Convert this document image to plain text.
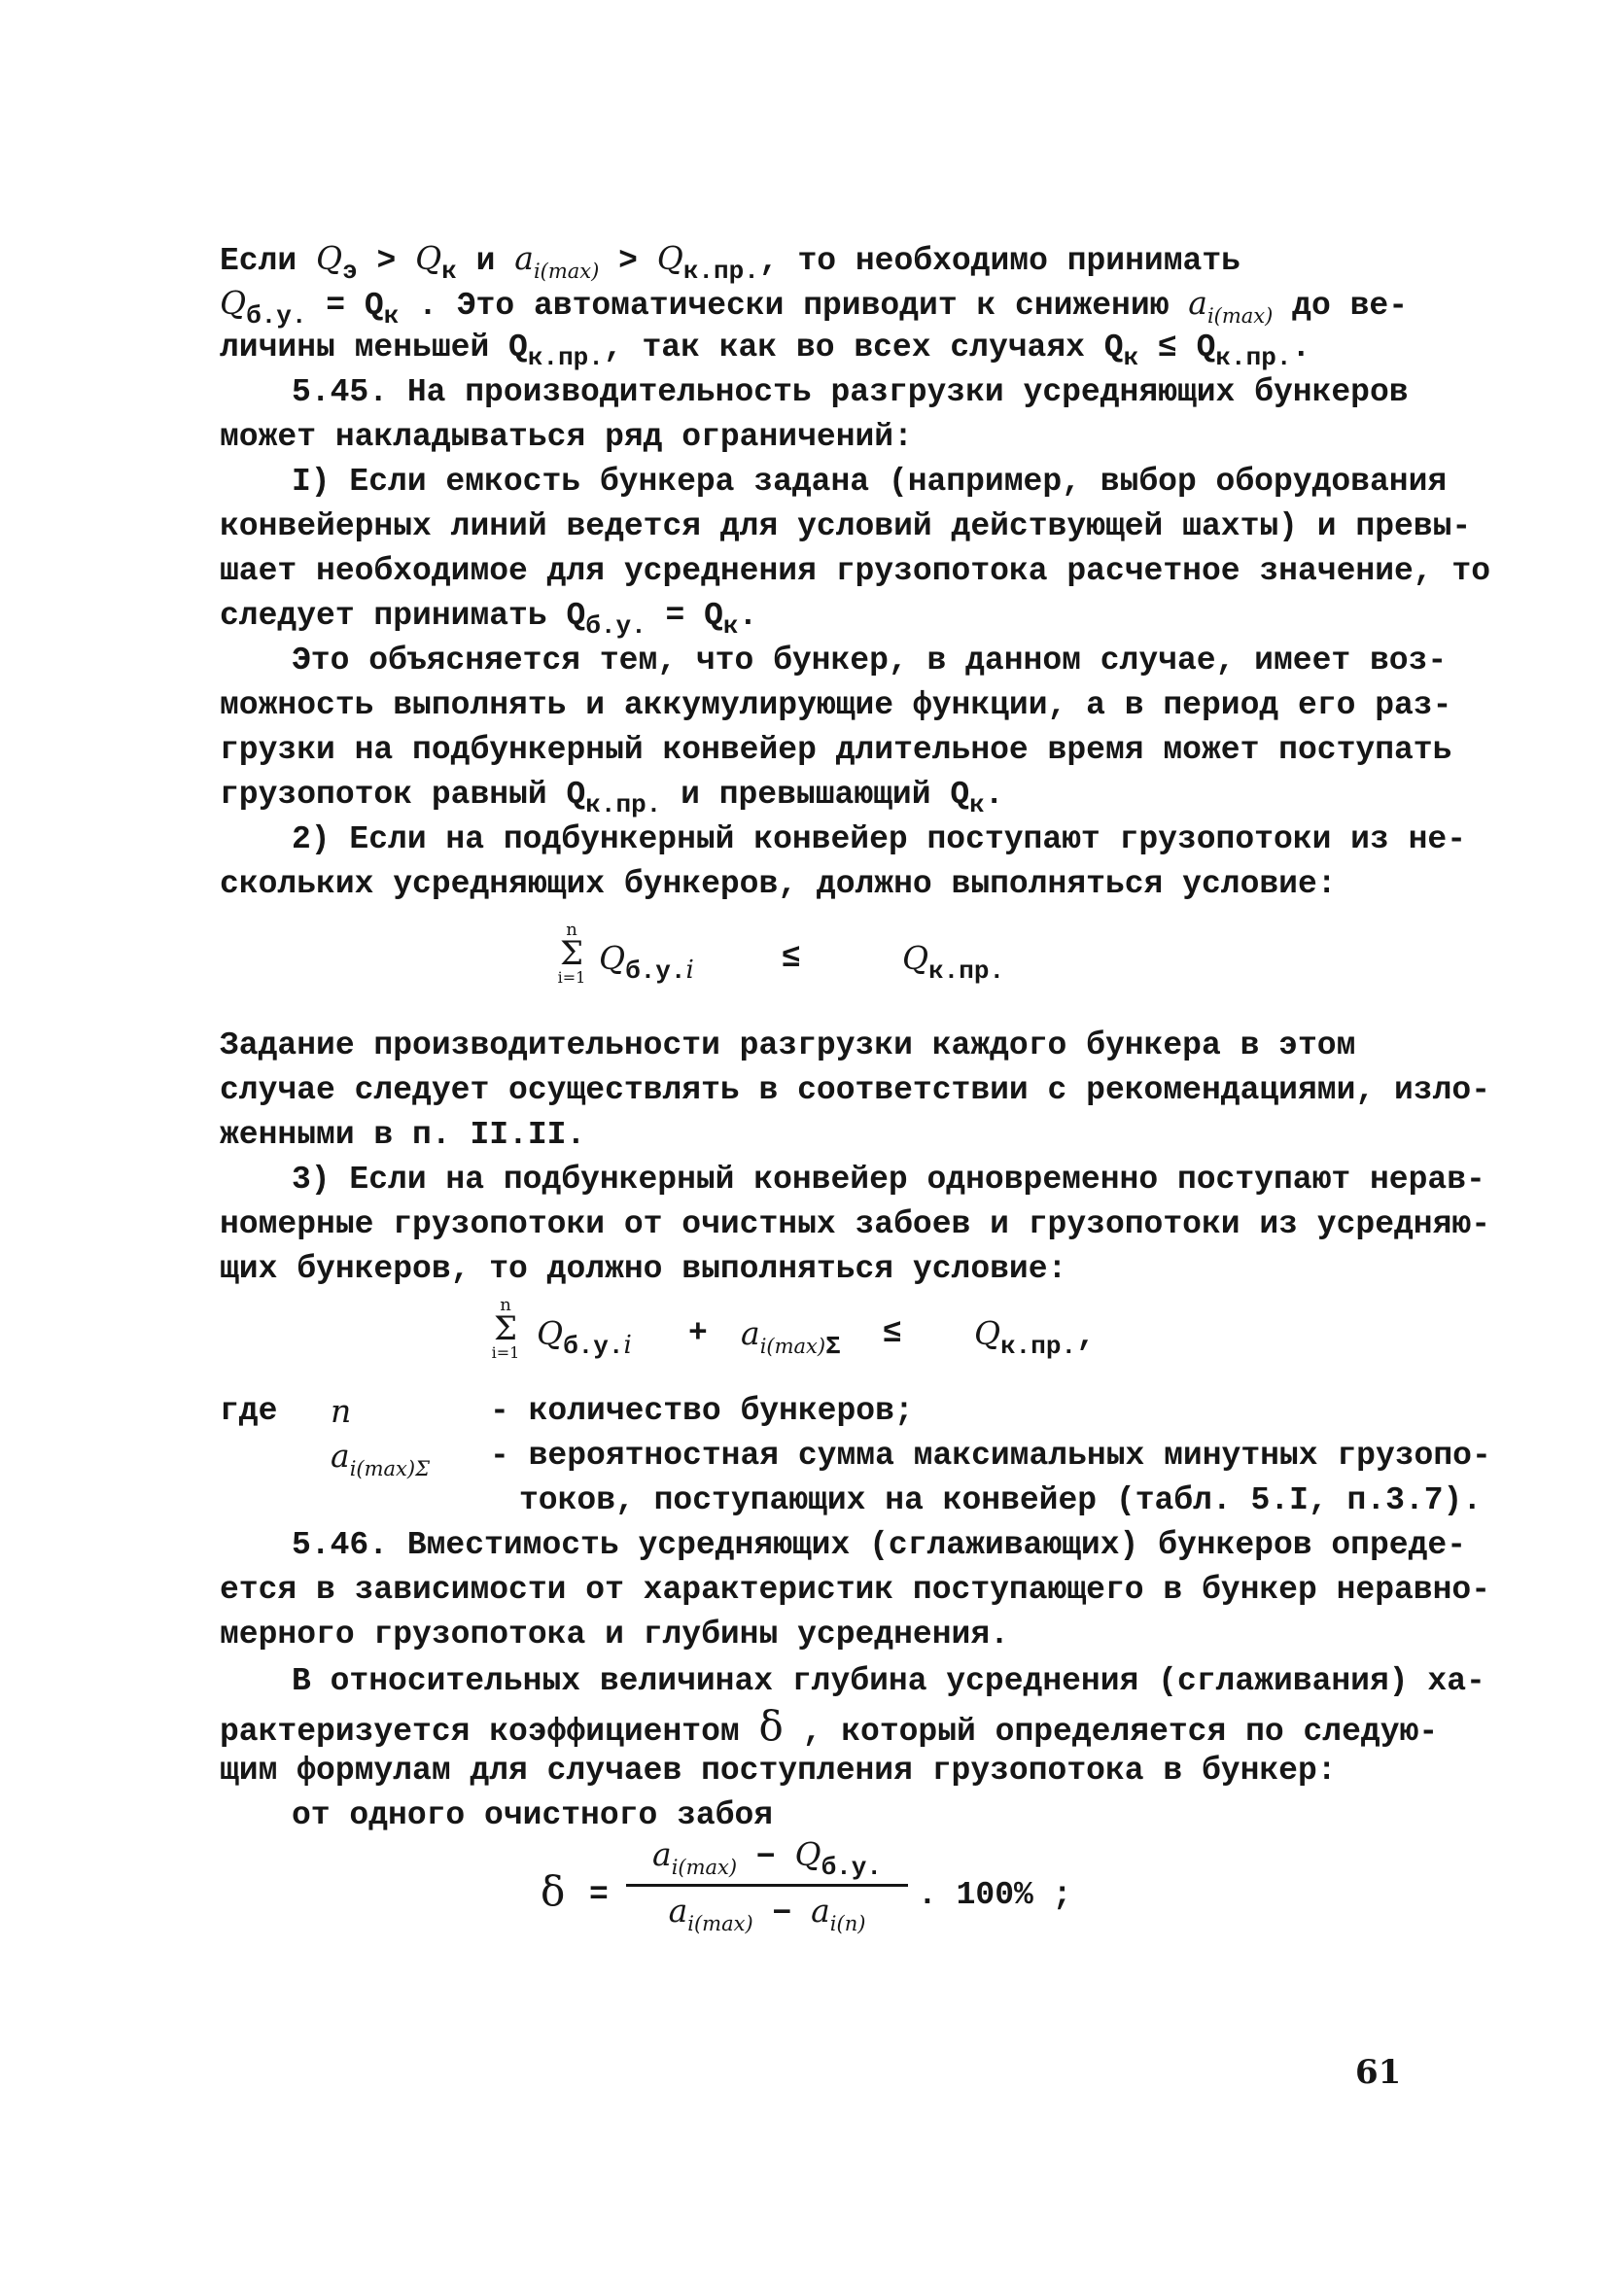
Если $Q_э > Q_к$ и $a_{i(max)} > Q_{к.пр.}$, то необходимо принимать
$Q_{б.у.} = Q_к$ . Это автоматически приводит к снижению $a_{i(max)}$ до ве-
личины меньшей $Q_{к.пр.}$, так как во всех случаях $Q_к \le Q_{к.пр.}$.
5.45. На производительность разгрузки усредняющих бункеров
может накладываться ряд ограничений:
I) Если емкость бункера задана (например, выбор оборудования
конвейерных линий ведется для условий действующей шахты) и превы-
шает необходимое для усреднения грузопотока расчетное значение, то
следует принимать $Q_{б.у.} = Q_к$.
Это объясняется тем, что бункер, в данном случае, имеет воз-
можность выполнять и аккумулирующие функции, а в период его раз-
грузки на подбункерный конвейер длительное время может поступать
грузопоток равный $Q_{к.пр.}$ и превышающий $Q_к$.
2) Если на подбункерный конвейер поступают грузопотоки из не-
скольких усредняющих бункеров, должно выполняться условие:
n
Σ
i=1
$Q_{б.у.i}$	≤	$Q_{к.пр.}$
Задание производительности разгрузки каждого бункера в этом
случае следует осуществлять в соответствии с рекомендациями, изло-
женными в п. II.II.
3) Если на подбункерный конвейер одновременно поступают нерав-
номерные грузопотоки от очистных забоев и грузопотоки из усредняю-
щих бункеров, то должно выполняться условие:
n
Σ
i=1
$Q_{б.у.i} + a_{i(max)\Sigma} \le Q_{к.пр.}$,
где n	- количество бункеров;
$a_{i(max)\Sigma}$ - вероятностная сумма максимальных минутных грузопо-
токов, поступающих на конвейер (табл. 5.I, п.3.7).
5.46. Вместимость усредняющих (сглаживающих) бункеров опреде-
ется в зависимости от характеристик поступающего в бункер неравно-
мерного грузопотока и глубины усреднения.
В относительных величинах глубина усреднения (сглаживания) ха-
рактеризуется коэффициентом δ , который определяется по следую-
щим формулам для случаев поступления грузопотока в бункер:
от одного очистного забоя
δ =
$a_{i(max)} - Q_{б.у.}$
$a_{i(max)} - a_{i(n)}$
. 100% ;
61
